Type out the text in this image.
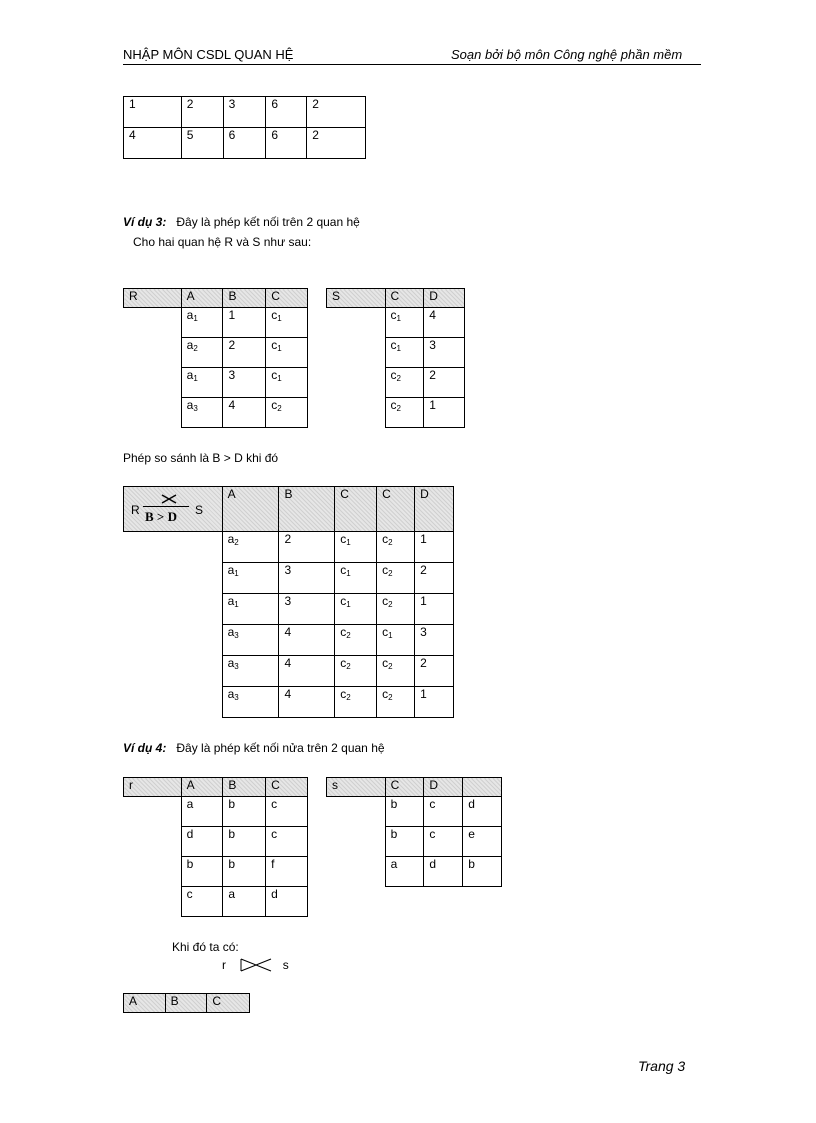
NHẬP MÔN CSDL QUAN HỆ	Soạn bởi bộ môn Công nghệ phần mềm
1	2	3	6	2
4	5	6	6	2
Ví dụ 3: Đây là phép kết nối trên 2 quan hệ
Cho hai quan hệ R và S như sau:
R	A	B	C
	$a_1$	1	$c_1$
	$a_2$	2	$c_1$
	$a_1$	3	$c_1$
	$a_3$	4	$c_2$
S	C	D
	$c_1$	4
	$c_1$	3
	$c_2$	2
	$c_2$	1
Phép so sánh là B > D khi đó
R B > D S	A	B	C	C	D
	$a_2$	2	$c_1$	$c_2$	1
	$a_1$	3	$c_1$	$c_2$	2
	$a_1$	3	$c_1$	$c_2$	1
	$a_3$	4	$c_2$	$c_1$	3
	$a_3$	4	$c_2$	$c_2$	2
	$a_3$	4	$c_2$	$c_2$	1
Ví dụ 4: Đây là phép kết nối nửa trên 2 quan hệ
r	A	B	C
	a	b	c
	d	b	c
	b	b	f
	c	a	d
s	C	D	
	b	c	d
	b	c	e
	a	d	b
Khi đó ta có:
r	s
A	B	C
Trang 3
